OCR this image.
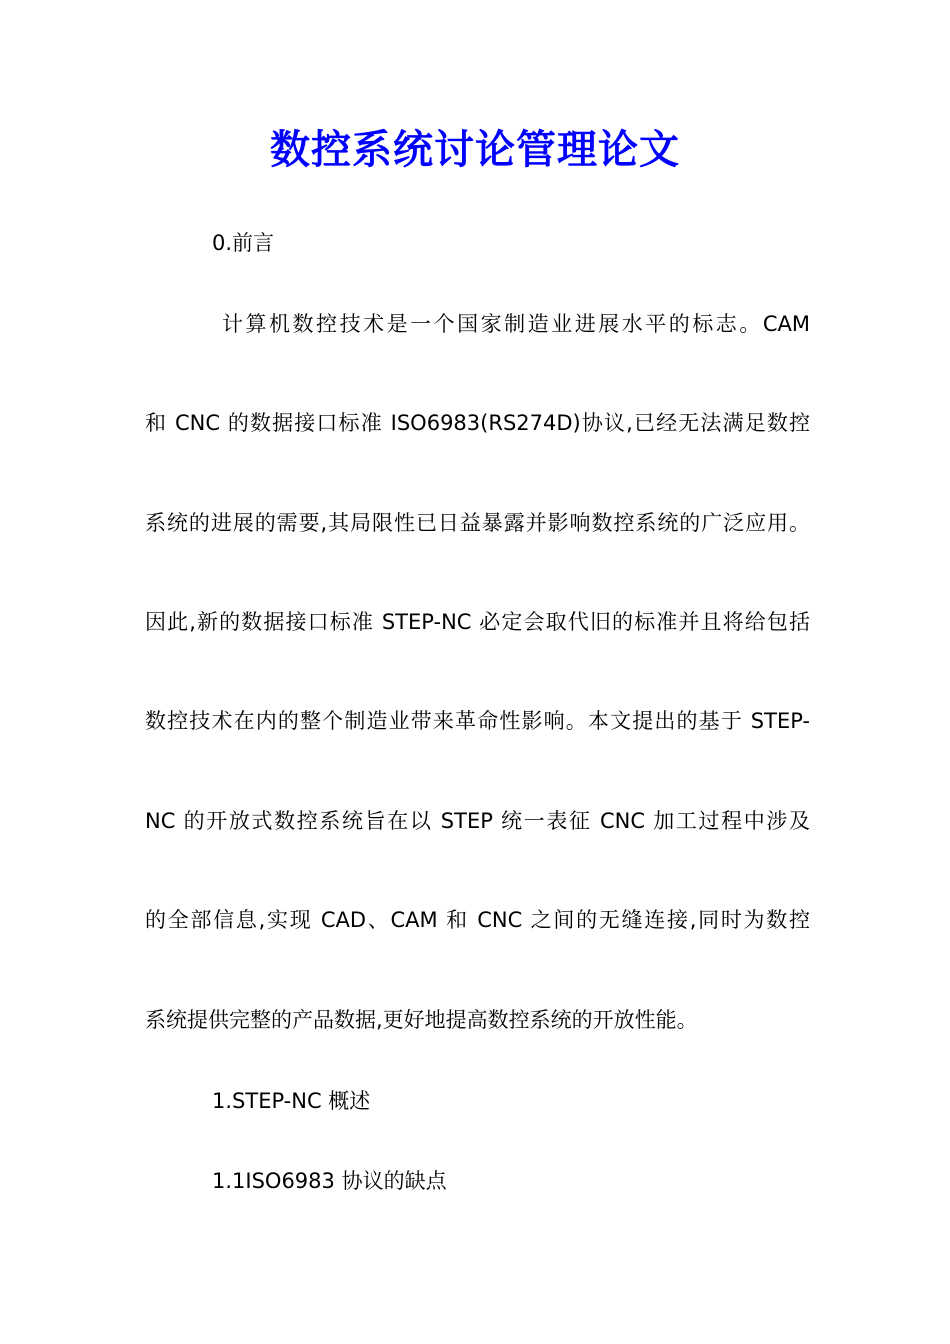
数控系统讨论管理论文
0.前言
计算机数控技术是一个国家制造业进展水平的标志。CAM
和 CNC 的数据接口标准 ISO6983(RS274D)协议,已经无法满足数控
系统的进展的需要,其局限性已日益暴露并影响数控系统的广泛应用。
因此,新的数据接口标准 STEP-NC 必定会取代旧的标准并且将给包括
数控技术在内的整个制造业带来革命性影响。本文提出的基于 STEP-
NC 的开放式数控系统旨在以 STEP 统一表征 CNC 加工过程中涉及
的全部信息,实现 CAD、CAM 和 CNC 之间的无缝连接,同时为数控
系统提供完整的产品数据,更好地提高数控系统的开放性能。
1.STEP-NC 概述
1.1ISO6983 协议的缺点
